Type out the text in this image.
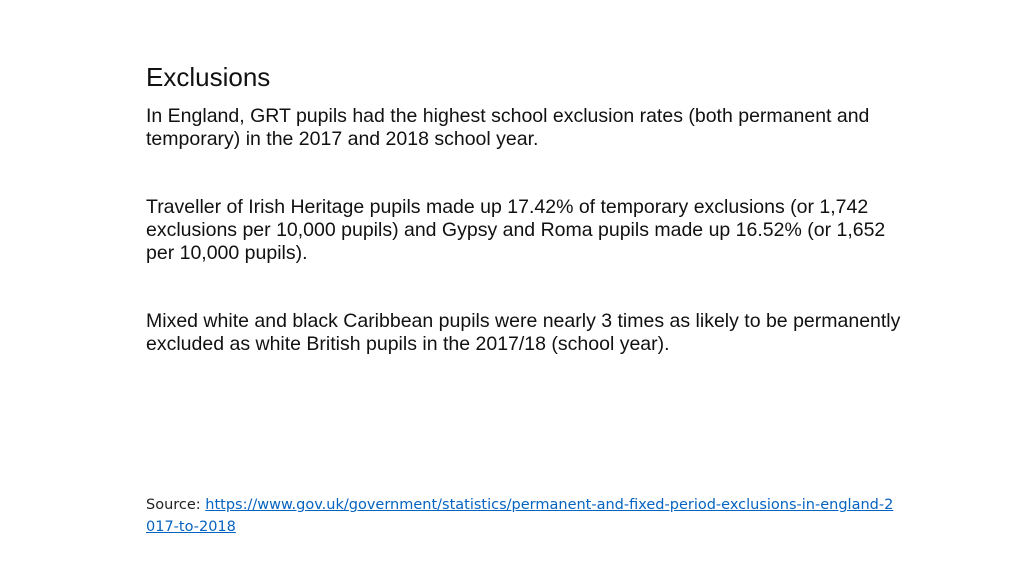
Exclusions

In England, GRT pupils had the highest school exclusion rates (both permanent and temporary) in the 2017 and 2018 school year.

Traveller of Irish Heritage pupils made up 17.42% of temporary exclusions (or 1,742 exclusions per 10,000 pupils) and Gypsy and Roma pupils made up 16.52% (or 1,652 per 10,000 pupils).

Mixed white and black Caribbean pupils were nearly 3 times as likely to be permanently excluded as white British pupils in the 2017/18 (school year).

Source: https://www.gov.uk/government/statistics/permanent-and-fixed-period-exclusions-in-england-2017-to-2018
